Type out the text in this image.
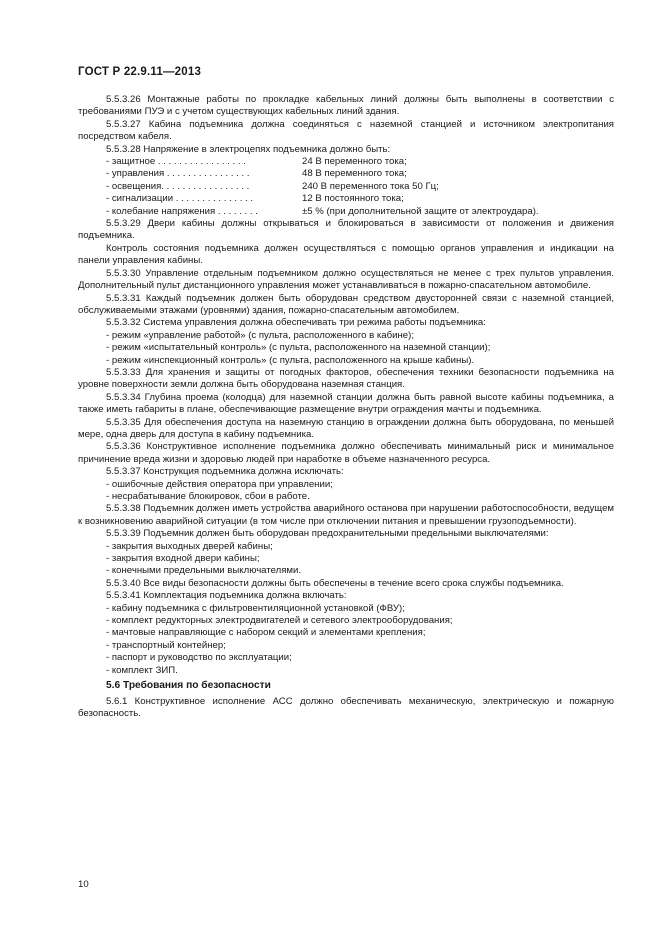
ГОСТ Р 22.9.11—2013

5.5.3.26 Монтажные работы по прокладке кабельных линий должны быть выполнены в соответствии с требованиями ПУЭ и с учетом существующих кабельных линий здания.

5.5.3.27 Кабина подъемника должна соединяться с наземной станцией и источником электропитания посредством кабеля.

5.5.3.28 Напряжение в электроцепях подъемника должно быть:

- защитное . . . . . . . . . . . . . . . . .	24 В переменного тока;
- управления . . . . . . . . . . . . . . . .	48 В переменного тока;
- освещения. . . . . . . . . . . . . . . . .	240 В переменного тока 50 Гц;
- сигнализации . . . . . . . . . . . . . . .	12 В постоянного тока;
- колебание напряжения . . . . . . . .	±5 % (при дополнительной защите от электроудара).

5.5.3.29 Двери кабины должны открываться и блокироваться в зависимости от положения и движения подъемника.

Контроль состояния подъемника должен осуществляться с помощью органов управления и индикации на панели управления кабины.

5.5.3.30 Управление отдельным подъемником должно осуществляться не менее с трех пультов управления. Дополнительный пульт дистанционного управления может устанавливаться в пожарно-спасательном автомобиле.

5.5.3.31 Каждый подъемник должен быть оборудован средством двусторонней связи с наземной станцией, обслуживаемыми этажами (уровнями) здания, пожарно-спасательным автомобилем.

5.5.3.32 Система управления должна обеспечивать три режима работы подъемника:

- режим «управление работой» (с пульта, расположенного в кабине);

- режим «испытательный контроль» (с пульта, расположенного на наземной станции);

- режим «инспекционный контроль» (с пульта, расположенного на крыше кабины).

5.5.3.33 Для хранения и защиты от погодных факторов, обеспечения техники безопасности подъемника на уровне поверхности земли должна быть оборудована наземная станция.

5.5.3.34 Глубина проема (колодца) для наземной станции должна быть равной высоте кабины подъемника, а также иметь габариты в плане, обеспечивающие размещение внутри ограждения мачты и подъемника.

5.5.3.35 Для обеспечения доступа на наземную станцию в ограждении должна быть оборудована, по меньшей мере, одна дверь для доступа в кабину подъемника.

5.5.3.36 Конструктивное исполнение подъемника должно обеспечивать минимальный риск и минимальное причинение вреда жизни и здоровью людей при наработке в объеме назначенного ресурса.

5.5.3.37 Конструкция подъемника должна исключать:

- ошибочные действия оператора при управлении;

- несрабатывание блокировок, сбои в работе.

5.5.3.38 Подъемник должен иметь устройства аварийного останова при нарушении работоспособности, ведущем к возникновению аварийной ситуации (в том числе при отключении питания и превышении грузоподъемности).

5.5.3.39 Подъемник должен быть оборудован предохранительными предельными выключателями:

- закрытия выходных дверей кабины;

- закрытия входной двери кабины;

- конечными предельными выключателями.

5.5.3.40 Все виды безопасности должны быть обеспечены в течение всего срока службы подъемника.

5.5.3.41 Комплектация подъемника должна включать:

- кабину подъемника с фильтровентиляционной установкой (ФВУ);

- комплект редукторных электродвигателей и сетевого электрооборудования;

- мачтовые направляющие с набором секций и элементами крепления;

- транспортный контейнер;

- паспорт и руководство по эксплуатации;

- комплект ЗИП.

5.6 Требования по безопасности

5.6.1 Конструктивное исполнение АСС должно обеспечивать механическую, электрическую и пожарную безопасность.

10
